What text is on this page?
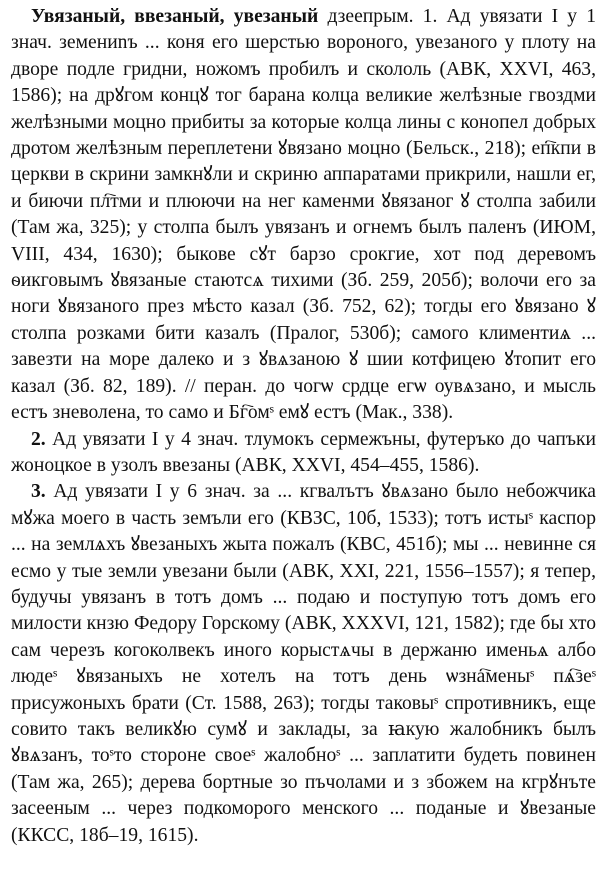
Увязаный, ввезаный, увезаный дзеепрым. 1. Ад увязати І у 1 знач. земениnъ ... коня его шерстью вороного, увезаного у плоту на дворе подле гридни, ножомъ пробилъ и скололь (АВК, XXVI, 463, 1586); на дрꙋгом концꙋ тог барана колца великие желѣзные гвоздми желѣзными моцно прибиты за которые колца лины с конопел добрых дротом желѣзным переплетени ꙋвязано моцно (Бельск., 218); еп҇кпи в церкви в скрини замкнꙋли и скриню аппаратами прикрили, нашли ег, и биючи пл҇тми и плюючи на нег каменми ꙋвязаног ꙋ столпа забили (Там жа, 325); у столпа былъ увязанъ и огнемъ былъ паленъ (ИЮМ, VIII, 434, 1630); быкове сꙋт барзо срокгие, хот под деревомъ ѳикговымъ ꙋвязаные стаютсѧ тихими (Зб. 259, 205б); волочи его за ноги ꙋвязаного през мѣсто казал (Зб. 752, 62); тогды его ꙋвязано ꙋ столпа розками бити казалъ (Пралог, 530б); самого климентиѧ ... завезти на море далеко и з ꙋвѧзаною ꙋ шии котфицею ꙋтопит его казал (Зб. 82, 189). // перан. до чогѡ срдце егѡ оувѧзано, и мысль естъ зневолена, то само и Бг҇омˢ емꙋ естъ (Мак., 338).

2. Ад увязати І у 4 знач. тлумокъ сермежъны, футеръко до чапъки жоноцкое в узолъ ввезаны (АВК, XXVI, 454–455, 1586).

3. Ад увязати І у 6 знач. за ... кгвалътъ ꙋвѧзано было небожчика мꙋжа моего в часть земъли его (КВЗС, 10б, 1533); тотъ истыˢ каспор ... на землѧхъ ꙋвезаныхъ жыта пожалъ (КВС, 451б); мы ... невинне ся есмо у тые земли увезани были (АВК, XXI, 221, 1556–1557); я тепер, будучы увязанъ в тотъ домъ ... подаю и поступую тотъ домъ его милости кнзю Федору Горскому (АВК, XXXVI, 121, 1582); где бы хто сам черезъ когоколвекъ иного корыстѧчы в держаню именьѧ албо людеˢ ꙋвязаныхъ не хотелъ на тотъ день ѡзна҇меныˢ пѧ҇зеˢ присужоныхъ брати (Ст. 1588, 263); тогды таковыˢ спротивникъ, еще совито такъ великꙋю сумꙋ и заклады, за ꙗкую жалобникъ былъ ꙋвѧзанъ, тоˢто стороне своеˢ жалобноˢ ... заплатити будеть повинен (Там жа, 265); дерева бортные зо пъчолами и з збожем на кгрꙋнъте засееным ... черeз подкоморого менского ... поданые и ꙋвезаные (ККСС, 18б–19, 1615).
